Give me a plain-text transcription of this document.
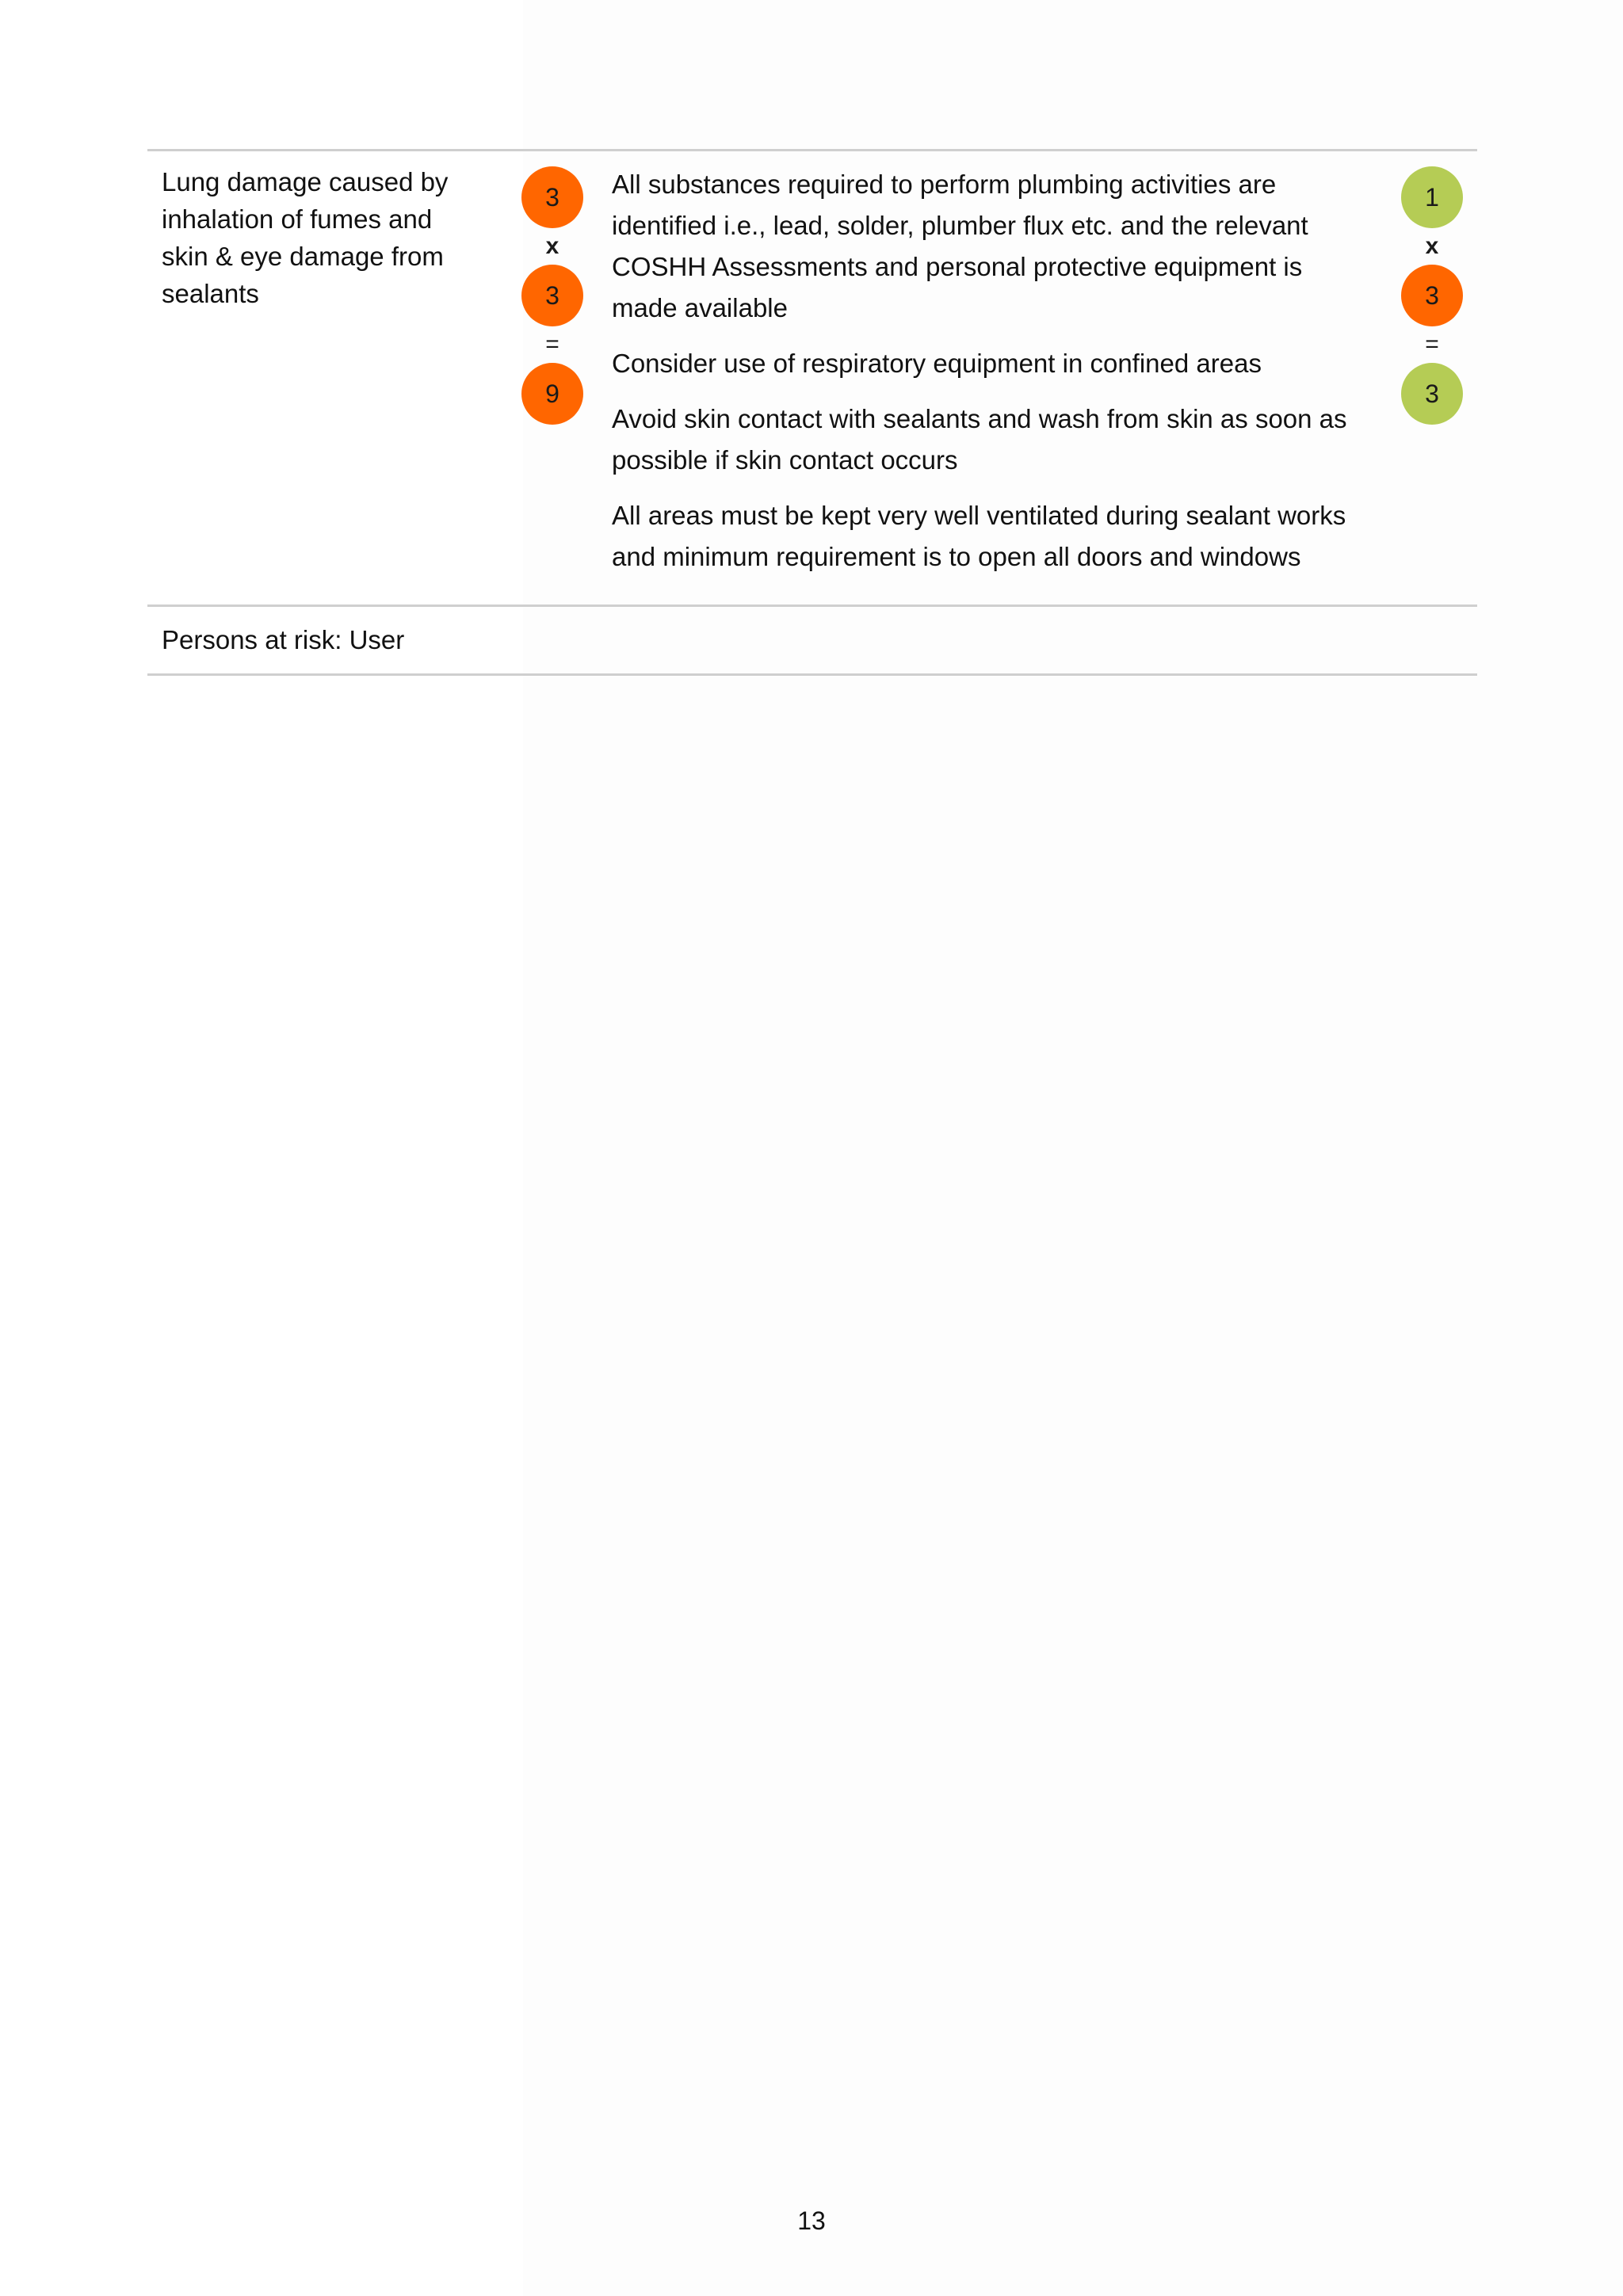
Lung damage caused by
inhalation of fumes and
skin & eye damage from
sealants
3
x
3
=
9

All substances required to perform plumbing activities are
identified i.e., lead, solder, plumber flux etc. and the relevant
COSHH Assessments and personal protective equipment is
made available

Consider use of respiratory equipment in confined areas

Avoid skin contact with sealants and wash from skin as soon as
possible if skin contact occurs

All areas must be kept very well ventilated during sealant works
and minimum requirement is to open all doors and windows

1
x
3
=
3
Persons at risk: User
13
